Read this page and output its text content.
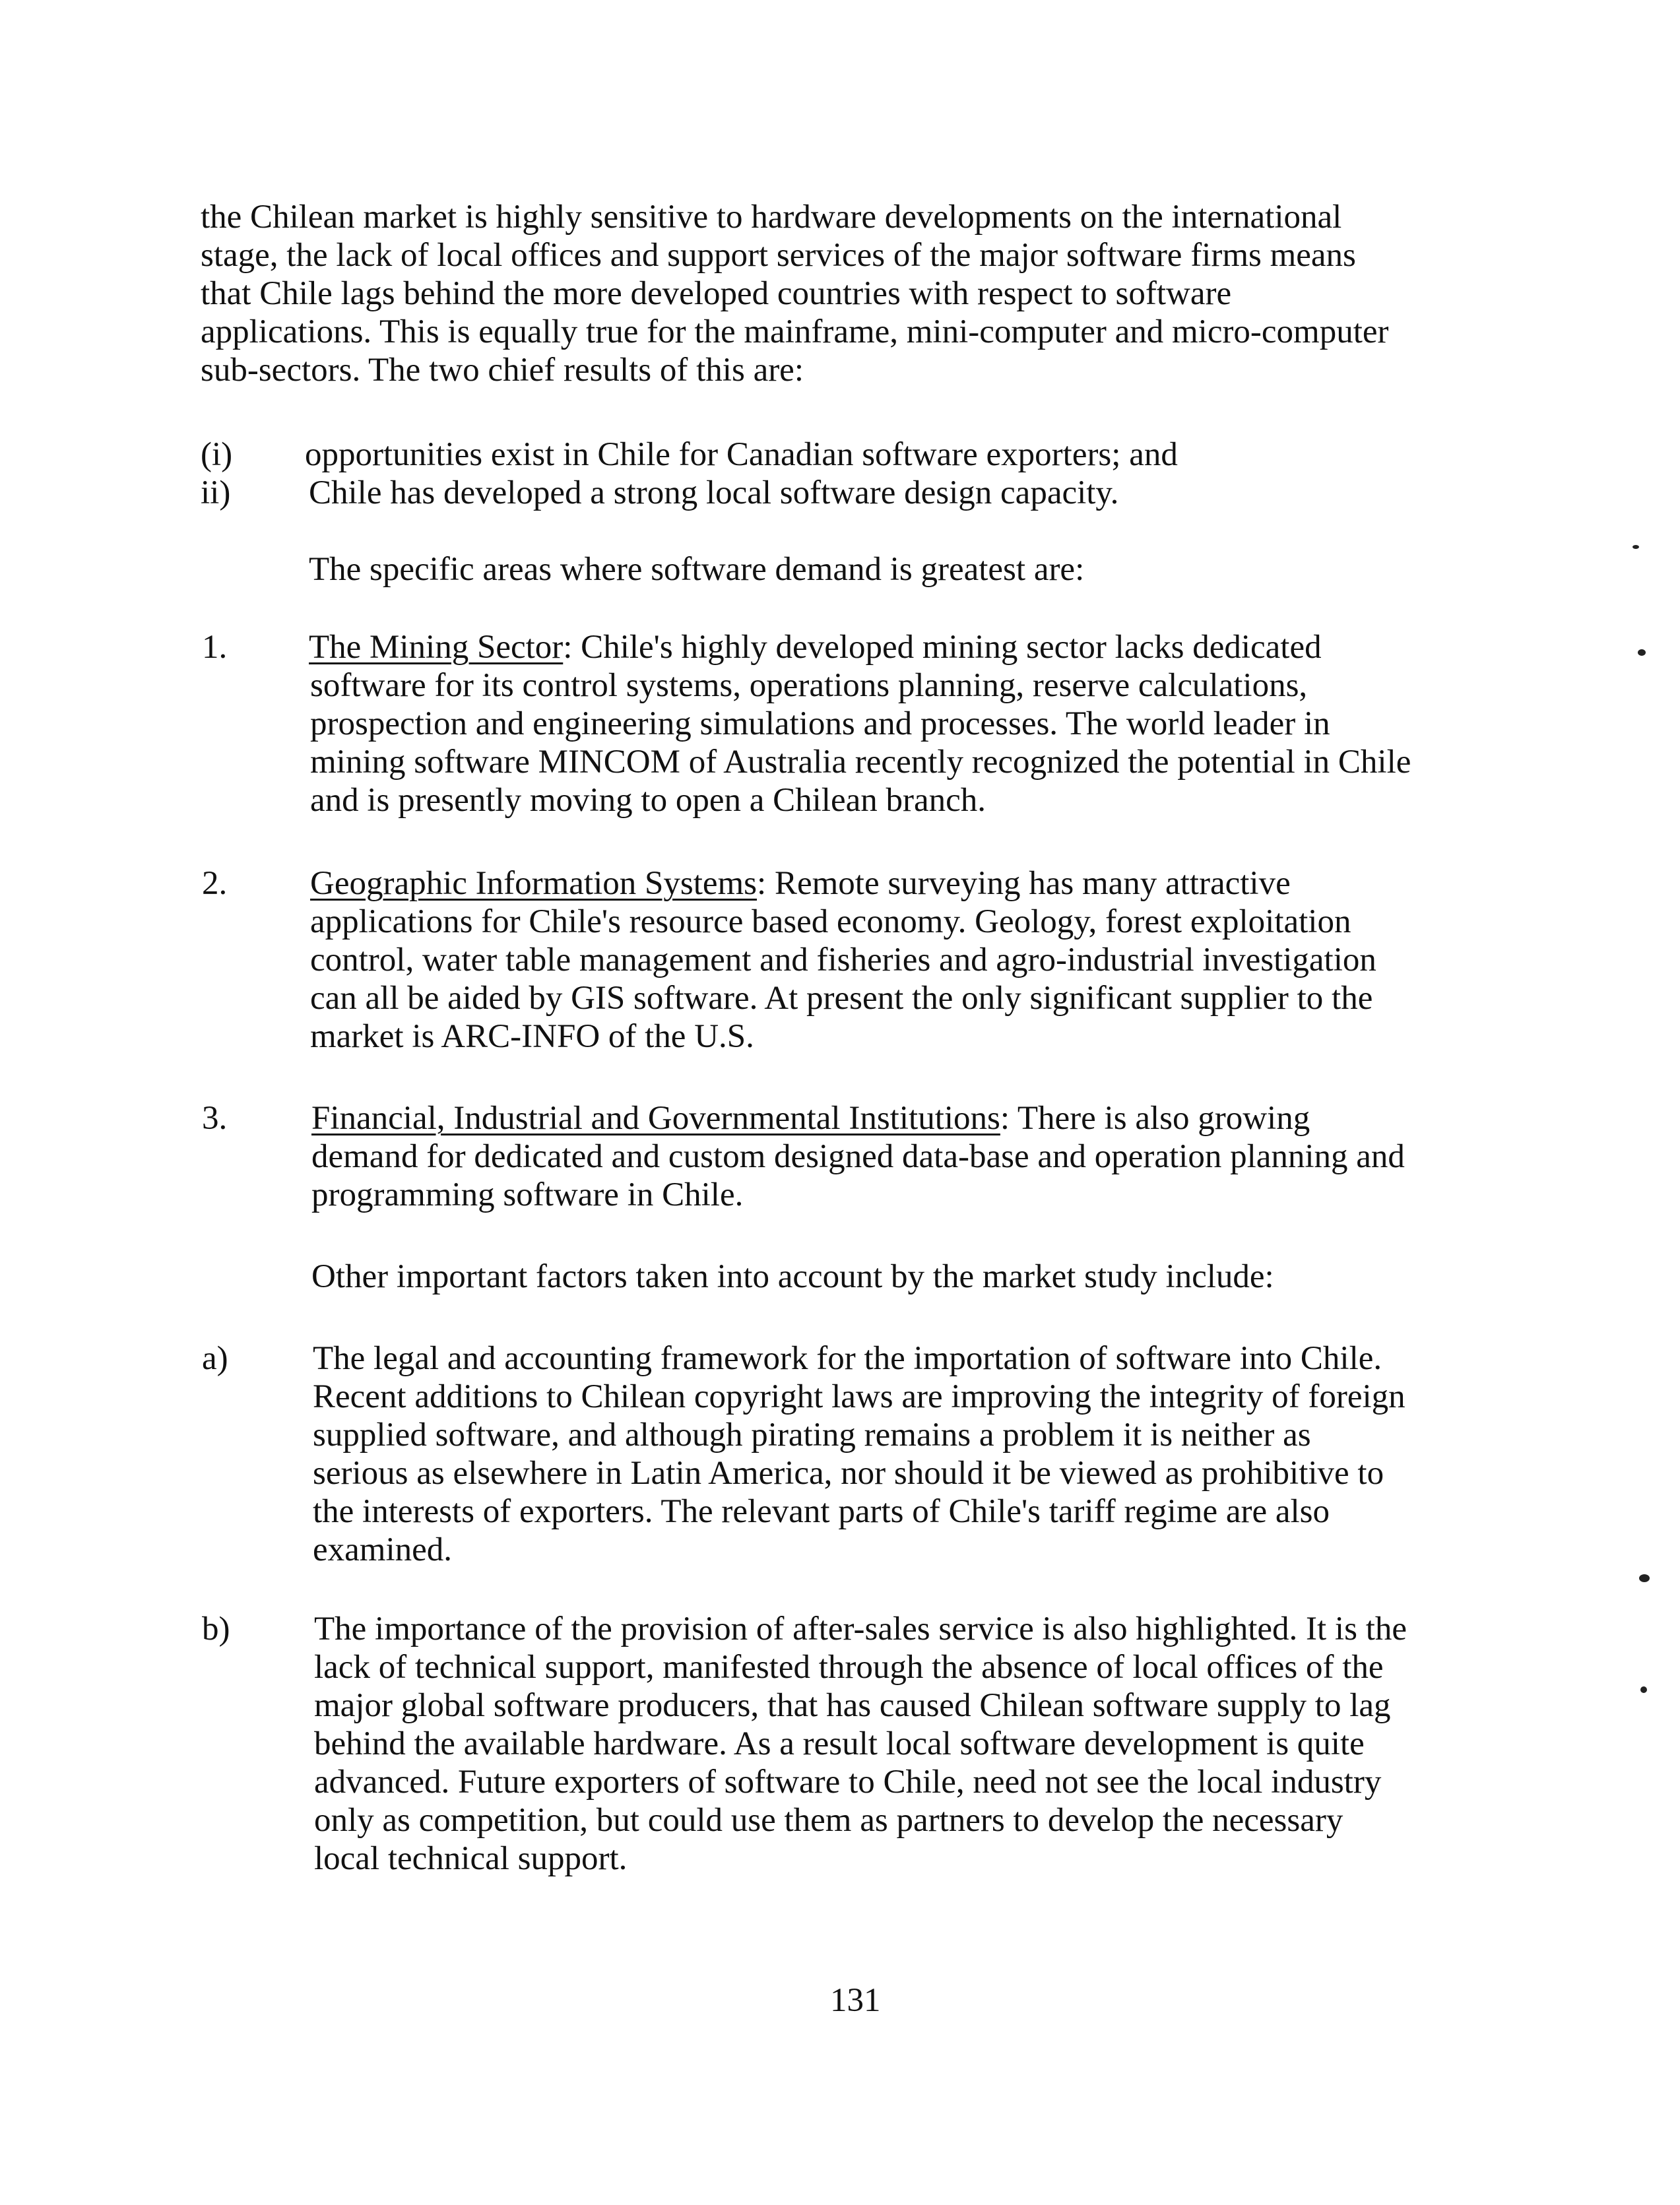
the Chilean market is highly sensitive to hardware developments on the international

stage, the lack of local offices and support services of the major software firms means

that Chile lags behind the more developed countries with respect to software

applications. This is equally true for the mainframe, mini-computer and micro-computer

sub-sectors. The two chief results of this are:

(i) opportunities exist in Chile for Canadian software exporters; and

ii) Chile has developed a strong local software design capacity.

The specific areas where software demand is greatest are:

1. The Mining Sector: Chile's highly developed mining sector lacks dedicated

software for its control systems, operations planning, reserve calculations,

prospection and engineering simulations and processes. The world leader in

mining software MINCOM of Australia recently recognized the potential in Chile

and is presently moving to open a Chilean branch.

2. Geographic Information Systems: Remote surveying has many attractive

applications for Chile's resource based economy. Geology, forest exploitation

control, water table management and fisheries and agro-industrial investigation

can all be aided by GIS software. At present the only significant supplier to the

market is ARC-INFO of the U.S.

3.	Financial, Industrial and Governmental Institutions: There is also growing

demand for dedicated and custom designed data-base and operation planning and

programming software in Chile.

Other important factors taken into account by the market study include:

a)	The legal and accounting framework for the importation of software into Chile.

Recent additions to Chilean copyright laws are improving the integrity of foreign

supplied software, and although pirating remains a problem it is neither as

serious as elsewhere in Latin America, nor should it be viewed as prohibitive to

the interests of exporters. The relevant parts of Chile's tariff regime are also

examined.

b)	The importance of the provision of after-sales service is also highlighted. It is the

lack of technical support, manifested through the absence of local offices of the

major global software producers, that has caused Chilean software supply to lag

behind the available hardware. As a result local software development is quite

advanced. Future exporters of software to Chile, need not see the local industry

only as competition, but could use them as partners to develop the necessary

local technical support.

131
